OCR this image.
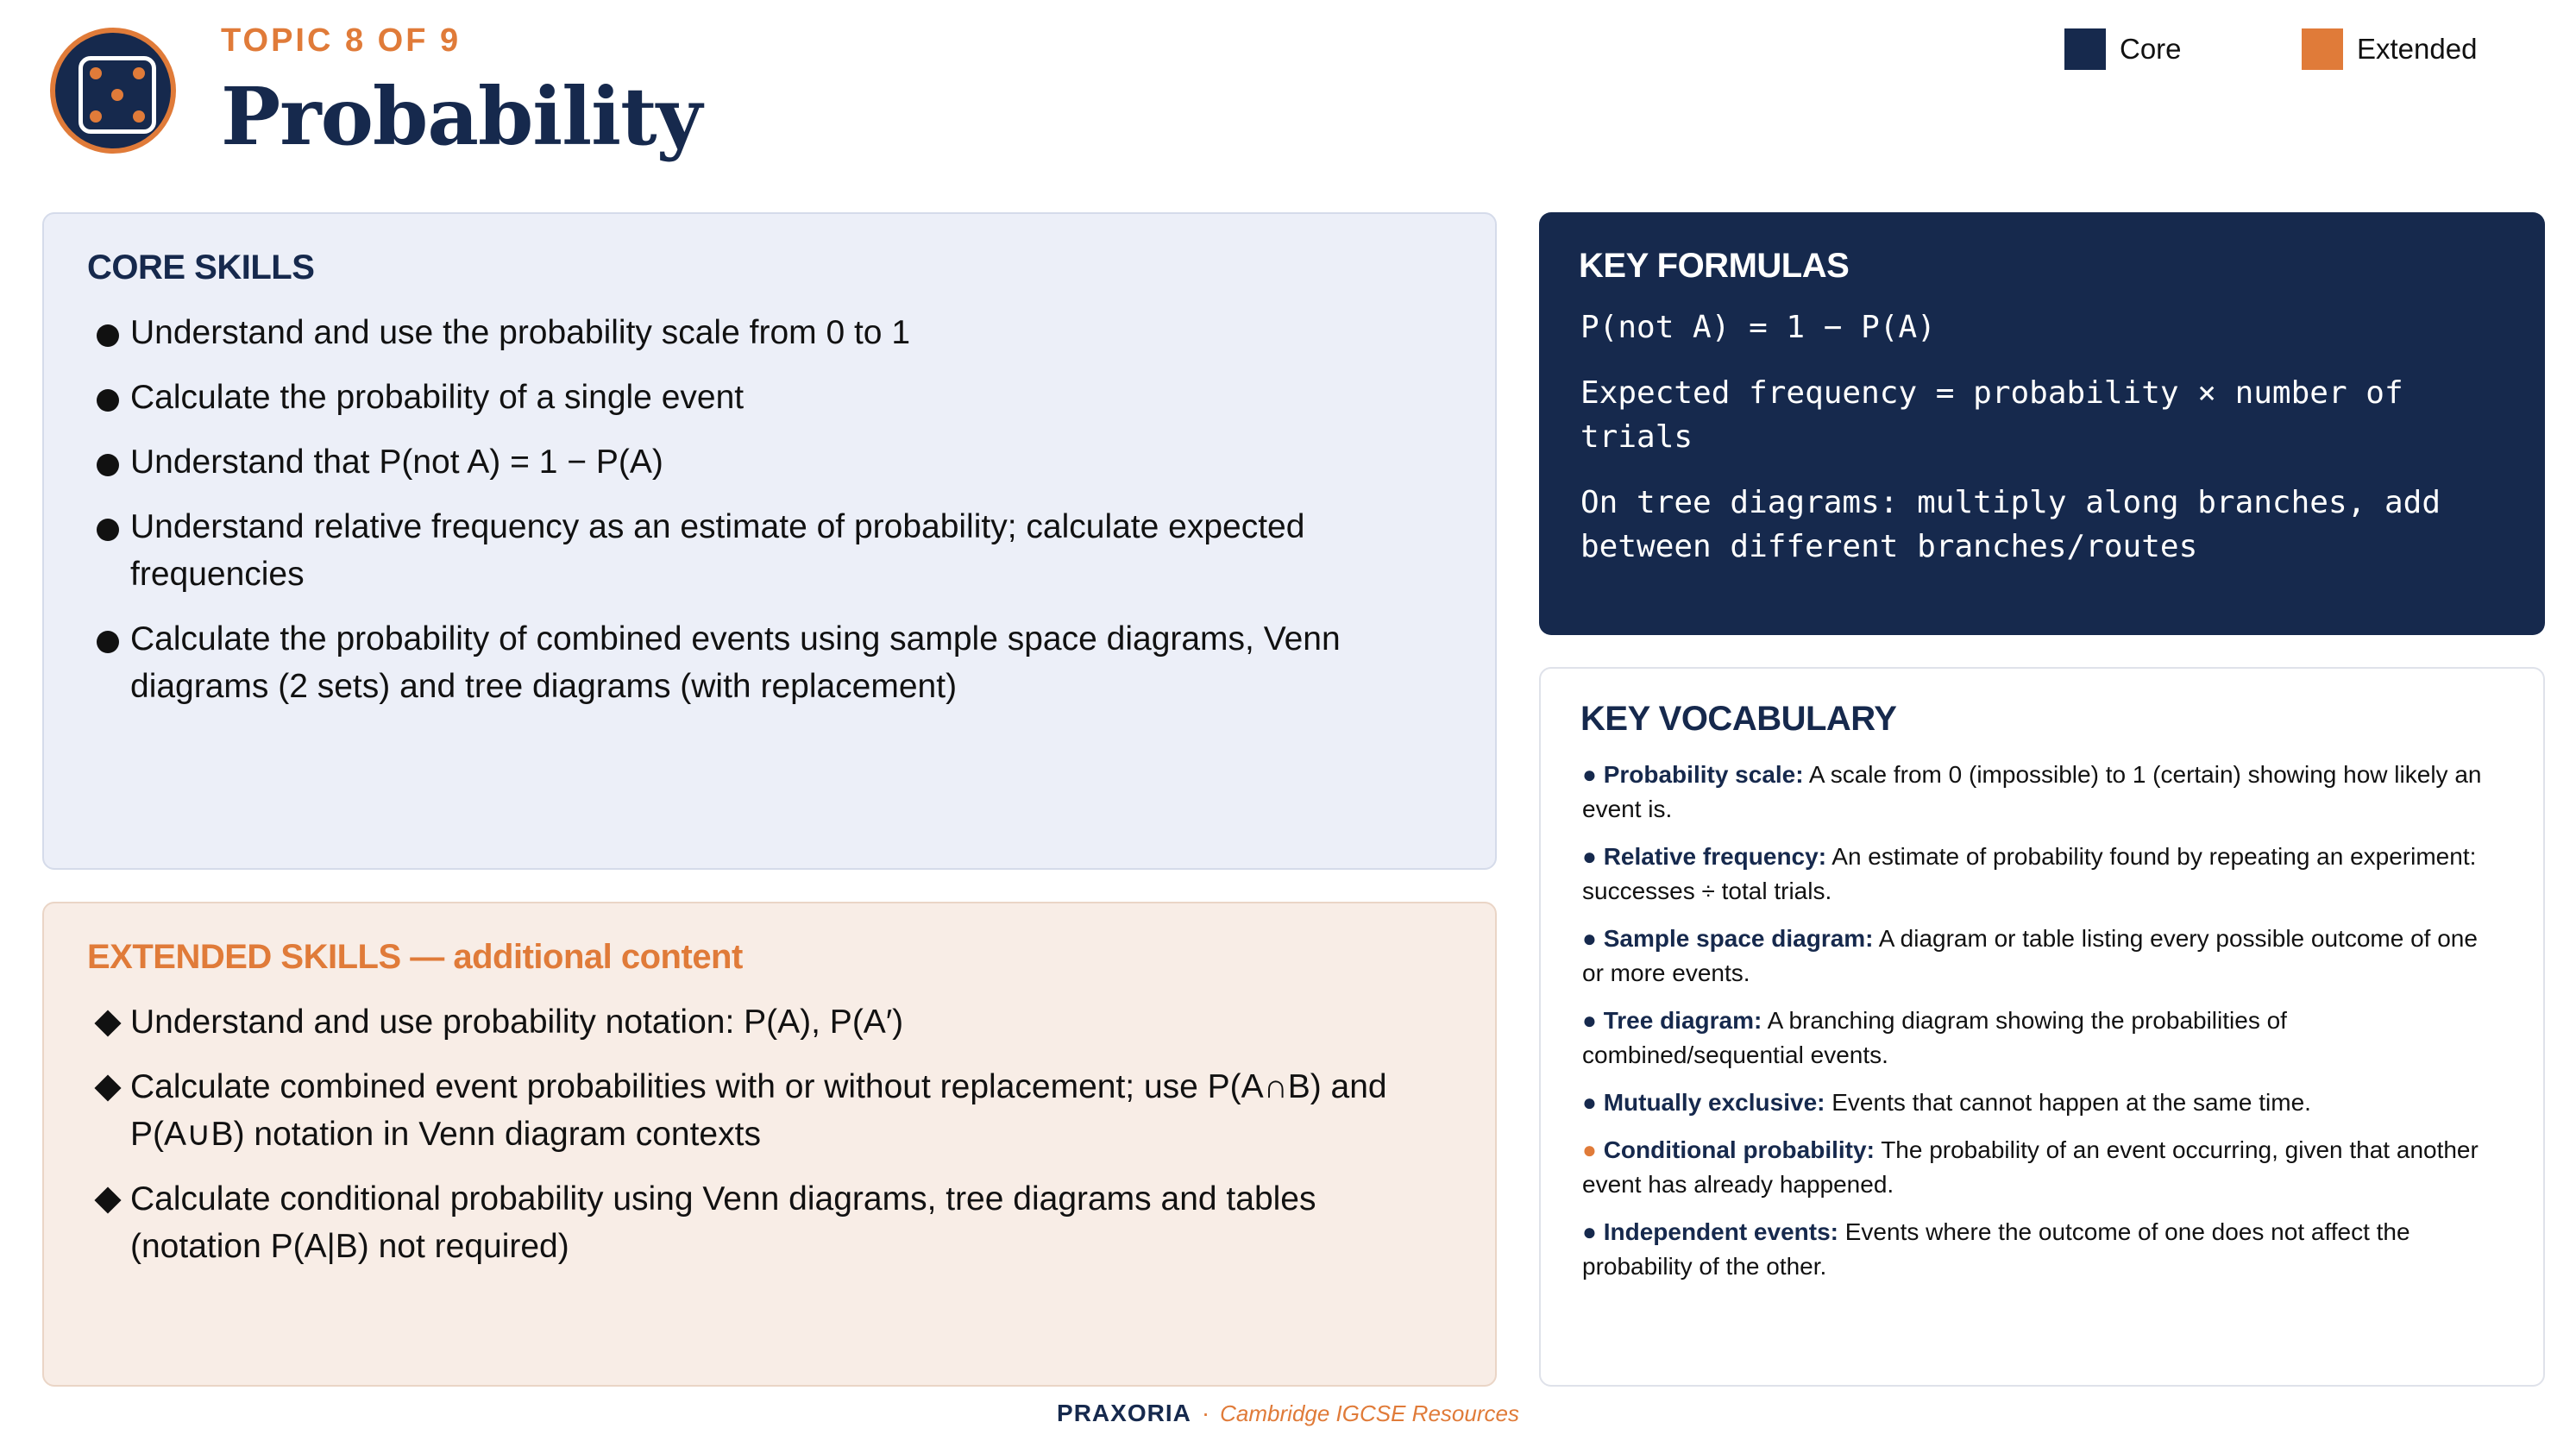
TOPIC 8 OF 9
Probability
Core	Extended
CORE SKILLS
Understand and use the probability scale from 0 to 1
Calculate the probability of a single event
Understand that P(not A) = 1 − P(A)
Understand relative frequency as an estimate of probability; calculate expected frequencies
Calculate the probability of combined events using sample space diagrams, Venn diagrams (2 sets) and tree diagrams (with replacement)
EXTENDED SKILLS — additional content
Understand and use probability notation: P(A), P(A′)
Calculate combined event probabilities with or without replacement; use P(A∩B) and P(A∪B) notation in Venn diagram contexts
Calculate conditional probability using Venn diagrams, tree diagrams and tables (notation P(A|B) not required)
KEY FORMULAS
P(not A) = 1 − P(A)
Expected frequency = probability × number of trials
On tree diagrams: multiply along branches, add between different branches/routes
KEY VOCABULARY
● Probability scale: A scale from 0 (impossible) to 1 (certain) showing how likely an event is.
● Relative frequency: An estimate of probability found by repeating an experiment: successes ÷ total trials.
● Sample space diagram: A diagram or table listing every possible outcome of one or more events.
● Tree diagram: A branching diagram showing the probabilities of combined/sequential events.
● Mutually exclusive: Events that cannot happen at the same time.
● Conditional probability: The probability of an event occurring, given that another event has already happened.
● Independent events: Events where the outcome of one does not affect the probability of the other.
PRAXORIA · Cambridge IGCSE Resources
